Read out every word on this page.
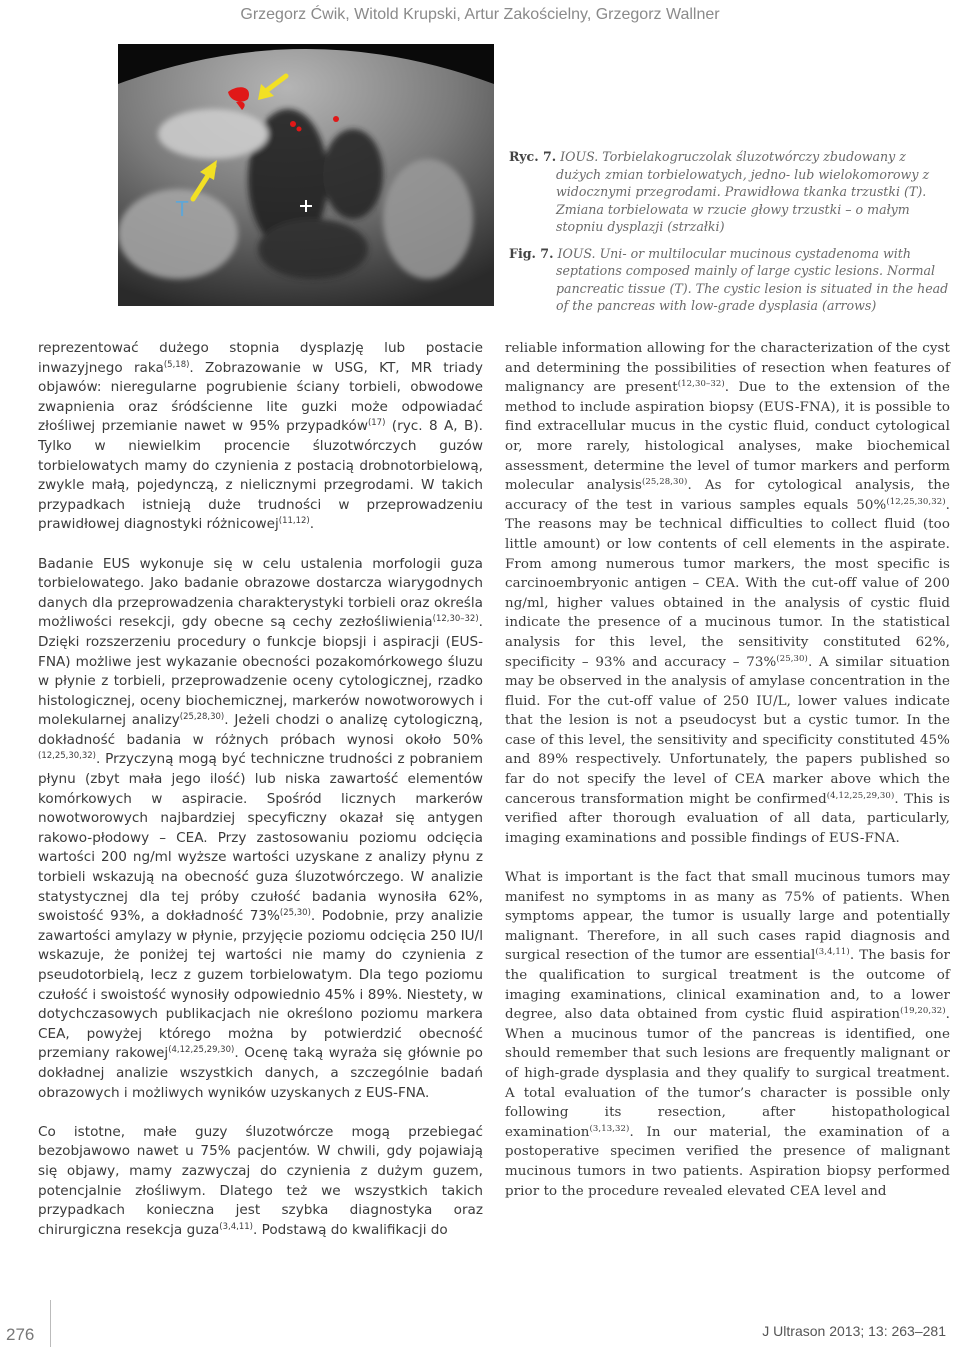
Grzegorz Ćwik, Witold Krupski, Artur Zakościelny, Grzegorz Wallner
T

Ryc. 7. IOUS. Torbielakogruczolak śluzotwórczy zbudowany z dużych zmian torbielowatych, jedno- lub wielokomorowy z widocznymi przegrodami. Prawidłowa tkanka trzustki (T). Zmiana torbielowata w rzucie głowy trzustki – o małym stopniu dysplazji (strzałki)

Fig. 7. IOUS. Uni- or multilocular mucinous cystadenoma with septations composed mainly of large cystic lesions. Normal pancreatic tissue (T). The cystic lesion is situated in the head of the pancreas with low-grade dysplasia (arrows)

reprezentować dużego stopnia dysplazję lub postacie inwazyjnego raka$^{(5,18)}$. Zobrazowanie w USG, KT, MR triady objawów: nieregularne pogrubienie ściany torbieli, obwodowe zwapnienia oraz śródścienne lite guzki może odpowiadać złośliwej przemianie nawet w 95% przypadków$^{(17)}$ (ryc. 8 A, B). Tylko w niewielkim procencie śluzotwórczych guzów torbielowatych mamy do czynienia z postacią drobnotorbielową, zwykle małą, pojedynczą, z nielicznymi przegrodami. W takich przypadkach istnieją duże trudności w przeprowadzeniu prawidłowej diagnostyki różnicowej$^{(11,12)}$.

Badanie EUS wykonuje się w celu ustalenia morfologii guza torbielowatego. Jako badanie obrazowe dostarcza wiarygodnych danych dla przeprowadzenia charakterystyki torbieli oraz określa możliwości resekcji, gdy obecne są cechy zezłośliwienia$^{(12,30-32)}$. Dzięki rozszerzeniu procedury o funkcje biopsji i aspiracji (EUS-FNA) możliwe jest wykazanie obecności pozakomórkowego śluzu w płynie z torbieli, przeprowadzenie oceny cytologicznej, rzadko histologicznej, oceny biochemicznej, markerów nowotworowych i molekularnej analizy$^{(25,28,30)}$. Jeżeli chodzi o analizę cytologiczną, dokładność badania w różnych próbach wynosi około 50%$^{(12,25,30,32)}$. Przyczyną mogą być techniczne trudności z pobraniem płynu (zbyt mała jego ilość) lub niska zawartość elementów komórkowych w aspiracie. Spośród licznych markerów nowotworowych najbardziej specyficzny okazał się antygen rakowo-płodowy – CEA. Przy zastosowaniu poziomu odcięcia wartości 200 ng/ml wyższe wartości uzyskane z analizy płynu z torbieli wskazują na obecność guza śluzotwórczego. W analizie statystycznej dla tej próby czułość badania wynosiła 62%, swoistość 93%, a dokładność 73%$^{(25,30)}$. Podobnie, przy analizie zawartości amylazy w płynie, przyjęcie poziomu odcięcia 250 IU/l wskazuje, że poniżej tej wartości nie mamy do czynienia z pseudotorbielą, lecz z guzem torbielowatym. Dla tego poziomu czułość i swoistość wynosiły odpowiednio 45% i 89%. Niestety, w dotychczasowych publikacjach nie określono poziomu markera CEA, powyżej którego można by potwierdzić obecność przemiany rakowej$^{(4,12,25,29,30)}$. Ocenę taką wyraża się głównie po dokładnej analizie wszystkich danych, a szczególnie badań obrazowych i możliwych wyników uzyskanych z EUS-FNA.

Co istotne, małe guzy śluzotwórcze mogą przebiegać bezobjawowo nawet u 75% pacjentów. W chwili, gdy pojawiają się objawy, mamy zazwyczaj do czynienia z dużym guzem, potencjalnie złośliwym. Dlatego też we wszystkich takich przypadkach konieczna jest szybka diagnostyka oraz chirurgiczna resekcja guza$^{(3,4,11)}$. Podstawą do kwalifikacji do

reliable information allowing for the characterization of the cyst and determining the possibilities of resection when features of malignancy are present$^{(12,30-32)}$. Due to the extension of the method to include aspiration biopsy (EUS-FNA), it is possible to find extracellular mucus in the cystic fluid, conduct cytological or, more rarely, histological analyses, make biochemical assessment, determine the level of tumor markers and perform molecular analysis$^{(25,28,30)}$. As for cytological analysis, the accuracy of the test in various samples equals 50%$^{(12,25,30,32)}$. The reasons may be technical difficulties to collect fluid (too little amount) or low contents of cell elements in the aspirate. From among numerous tumor markers, the most specific is carcinoembryonic antigen – CEA. With the cut-off value of 200 ng/ml, higher values obtained in the analysis of cystic fluid indicate the presence of a mucinous tumor. In the statistical analysis for this level, the sensitivity constituted 62%, specificity – 93% and accuracy – 73%$^{(25,30)}$. A similar situation may be observed in the analysis of amylase concentration in the fluid. For the cut-off value of 250 IU/L, lower values indicate that the lesion is not a pseudocyst but a cystic tumor. In the case of this level, the sensitivity and specificity constituted 45% and 89% respectively. Unfortunately, the papers published so far do not specify the level of CEA marker above which the cancerous transformation might be confirmed$^{(4,12,25,29,30)}$. This is verified after thorough evaluation of all data, particularly, imaging examinations and possible findings of EUS-FNA.

What is important is the fact that small mucinous tumors may manifest no symptoms in as many as 75% of patients. When symptoms appear, the tumor is usually large and potentially malignant. Therefore, in all such cases rapid diagnosis and surgical resection of the tumor are essential$^{(3,4,11)}$. The basis for the qualification to surgical treatment is the outcome of imaging examinations, clinical examination and, to a lower degree, also data obtained from cystic fluid aspiration$^{(19,20,32)}$. When a mucinous tumor of the pancreas is identified, one should remember that such lesions are frequently malignant or of high-grade dysplasia and they qualify to surgical treatment. A total evaluation of the tumor’s character is possible only following its resection, after histopathological examination$^{(3,13,32)}$. In our material, the examination of a postoperative specimen verified the presence of malignant mucinous tumors in two patients. Aspiration biopsy performed prior to the procedure revealed elevated CEA level and

276	J Ultrason 2013; 13: 263–281
